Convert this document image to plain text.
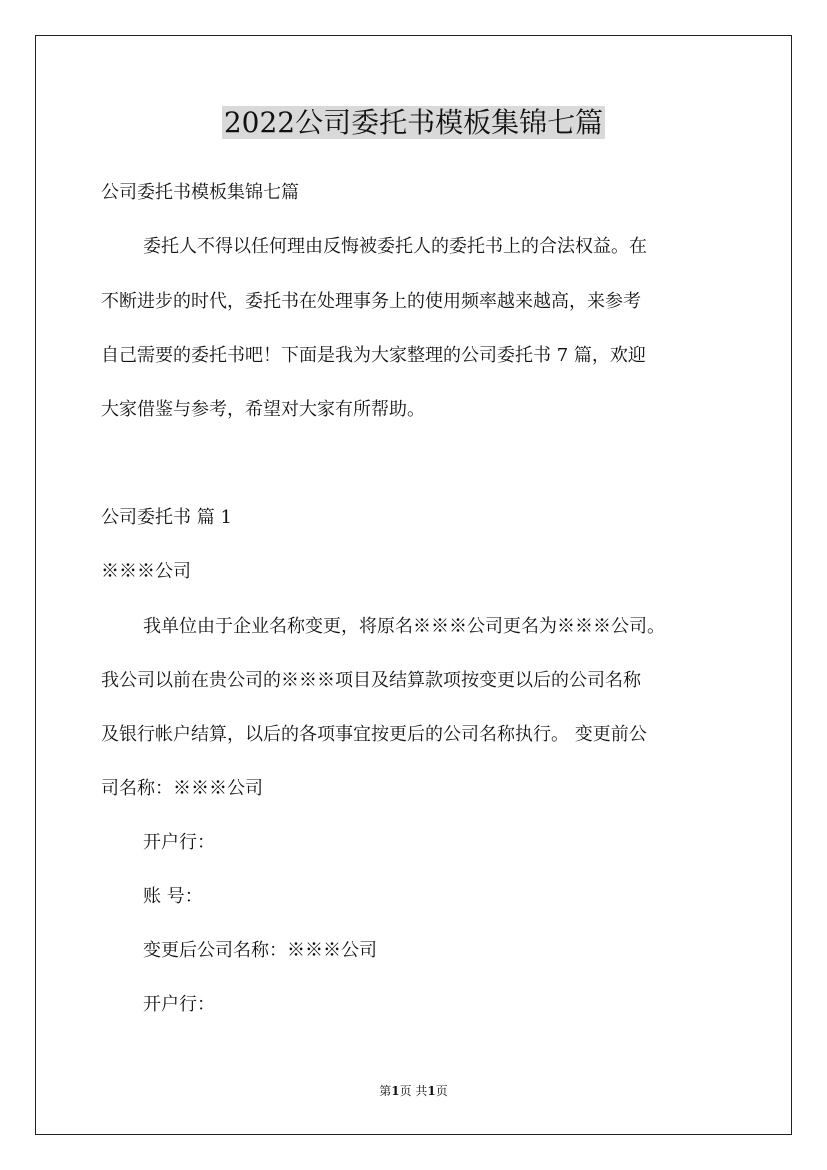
2022公司委托书模板集锦七篇
公司委托书模板集锦七篇
委托人不得以任何理由反悔被委托人的委托书上的合法权益。在
不断进步的时代，委托书在处理事务上的使用频率越来越高，来参考
自己需要的委托书吧！下面是我为大家整理的公司委托书 7 篇，欢迎
大家借鉴与参考，希望对大家有所帮助。
公司委托书 篇 1
※※※公司
我单位由于企业名称变更，将原名※※※公司更名为※※※公司。
我公司以前在贵公司的※※※项目及结算款项按变更以后的公司名称
及银行帐户结算，以后的各项事宜按更后的公司名称执行。 变更前公
司名称：※※※公司
开户行：
账 号：
变更后公司名称：※※※公司
开户行：
第1页 共1页
